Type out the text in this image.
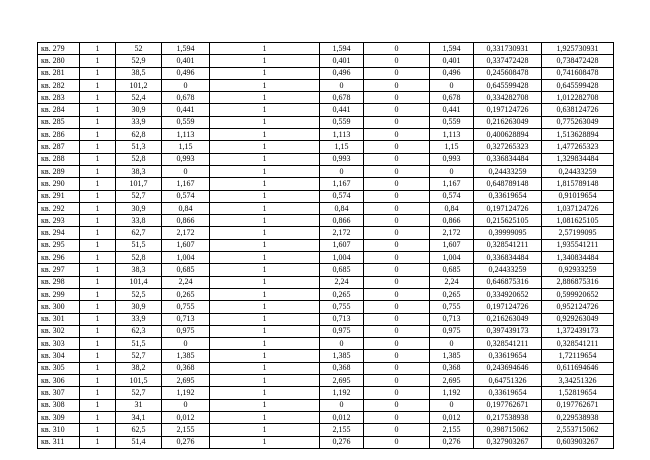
кв. 279	1	52	1,594	1	1,594	0	1,594	0,331730931	1,925730931
кв. 280	1	52,9	0,401	1	0,401	0	0,401	0,337472428	0,738472428
кв. 281	1	38,5	0,496	1	0,496	0	0,496	0,245608478	0,741608478
кв. 282	1	101,2	0	1	0	0	0	0,645599428	0,645599428
кв. 283	1	52,4	0,678	1	0,678	0	0,678	0,334282708	1,012282708
кв. 284	1	30,9	0,441	1	0,441	0	0,441	0,197124726	0,638124726
кв. 285	1	33,9	0,559	1	0,559	0	0,559	0,216263049	0,775263049
кв. 286	1	62,8	1,113	1	1,113	0	1,113	0,400628894	1,513628894
кв. 287	1	51,3	1,15	1	1,15	0	1,15	0,327265323	1,477265323
кв. 288	1	52,8	0,993	1	0,993	0	0,993	0,336834484	1,329834484
кв. 289	1	38,3	0	1	0	0	0	0,24433259	0,24433259
кв. 290	1	101,7	1,167	1	1,167	0	1,167	0,648789148	1,815789148
кв. 291	1	52,7	0,574	1	0,574	0	0,574	0,33619654	0,91019654
кв. 292	1	30,9	0,84	1	0,84	0	0,84	0,197124726	1,037124726
кв. 293	1	33,8	0,866	1	0,866	0	0,866	0,215625105	1,081625105
кв. 294	1	62,7	2,172	1	2,172	0	2,172	0,39999095	2,57199095
кв. 295	1	51,5	1,607	1	1,607	0	1,607	0,328541211	1,935541211
кв. 296	1	52,8	1,004	1	1,004	0	1,004	0,336834484	1,340834484
кв. 297	1	38,3	0,685	1	0,685	0	0,685	0,24433259	0,92933259
кв. 298	1	101,4	2,24	1	2,24	0	2,24	0,646875316	2,886875316
кв. 299	1	52,5	0,265	1	0,265	0	0,265	0,334920652	0,599920652
кв. 300	1	30,9	0,755	1	0,755	0	0,755	0,197124726	0,952124726
кв. 301	1	33,9	0,713	1	0,713	0	0,713	0,216263049	0,929263049
кв. 302	1	62,3	0,975	1	0,975	0	0,975	0,397439173	1,372439173
кв. 303	1	51,5	0	1	0	0	0	0,328541211	0,328541211
кв. 304	1	52,7	1,385	1	1,385	0	1,385	0,33619654	1,72119654
кв. 305	1	38,2	0,368	1	0,368	0	0,368	0,243694646	0,611694646
кв. 306	1	101,5	2,695	1	2,695	0	2,695	0,64751326	3,34251326
кв. 307	1	52,7	1,192	1	1,192	0	1,192	0,33619654	1,52819654
кв. 308	1	31	0	1	0	0	0	0,197762671	0,197762671
кв. 309	1	34,1	0,012	1	0,012	0	0,012	0,217538938	0,229538938
кв. 310	1	62,5	2,155	1	2,155	0	2,155	0,398715062	2,553715062
кв. 311	1	51,4	0,276	1	0,276	0	0,276	0,327903267	0,603903267
